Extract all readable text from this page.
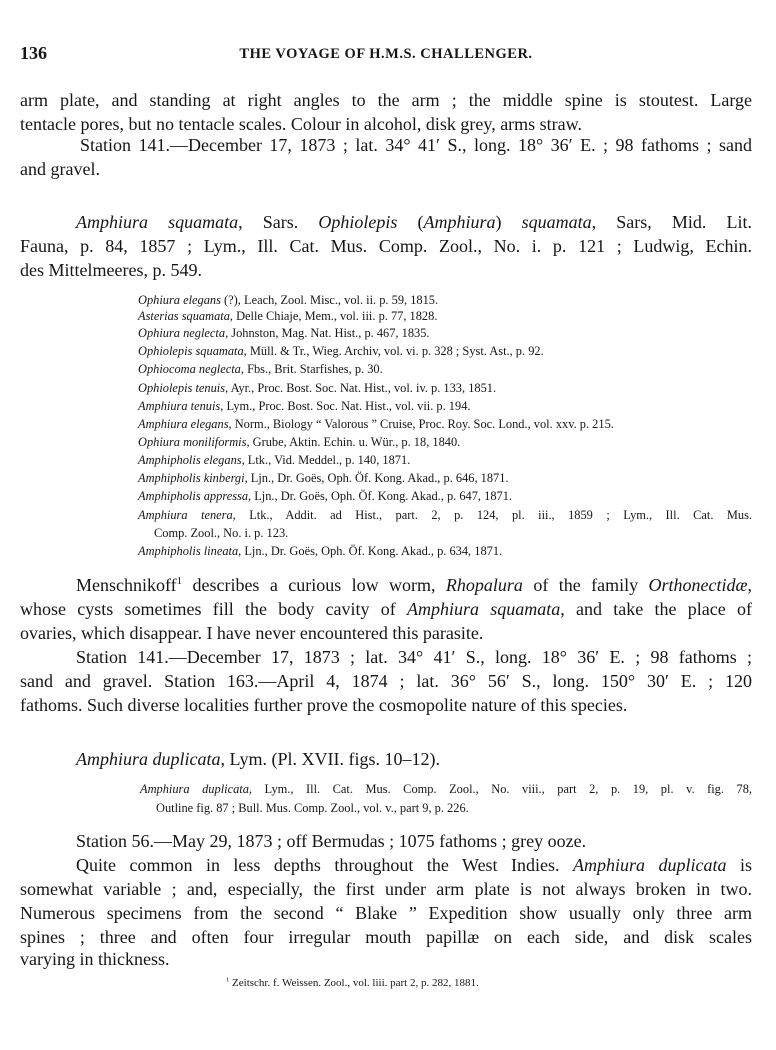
136	THE VOYAGE OF H.M.S. CHALLENGER.
arm plate, and standing at right angles to the arm ; the middle spine is stoutest. Large
tentacle pores, but no tentacle scales. Colour in alcohol, disk grey, arms straw.
Station 141.—December 17, 1873 ; lat. 34° 41′ S., long. 18° 36′ E. ; 98 fathoms ; sand
and gravel.
Amphiura squamata, Sars. Ophiolepis (Amphiura) squamata, Sars, Mid. Lit.
Fauna, p. 84, 1857 ; Lym., Ill. Cat. Mus. Comp. Zool., No. i. p. 121 ; Ludwig, Echin.
des Mittelmeeres, p. 549.
Ophiura elegans (?), Leach, Zool. Misc., vol. ii. p. 59, 1815.
Asterias squamata, Delle Chiaje, Mem., vol. iii. p. 77, 1828.
Ophiura neglecta, Johnston, Mag. Nat. Hist., p. 467, 1835.
Ophiolepis squamata, Müll. & Tr., Wieg. Archiv, vol. vi. p. 328 ; Syst. Ast., p. 92.
Ophiocoma neglecta, Fbs., Brit. Starfishes, p. 30.
Ophiolepis tenuis, Ayr., Proc. Bost. Soc. Nat. Hist., vol. iv. p. 133, 1851.
Amphiura tenuis, Lym., Proc. Bost. Soc. Nat. Hist., vol. vii. p. 194.
Amphiura elegans, Norm., Biology “ Valorous ” Cruise, Proc. Roy. Soc. Lond., vol. xxv. p. 215.
Ophiura moniliformis, Grube, Aktin. Echin. u. Wür., p. 18, 1840.
Amphipholis elegans, Ltk., Vid. Meddel., p. 140, 1871.
Amphipholis kinbergi, Ljn., Dr. Goës, Oph. Öf. Kong. Akad., p. 646, 1871.
Amphipholis appressa, Ljn., Dr. Goës, Oph. Öf. Kong. Akad., p. 647, 1871.
Amphiura tenera, Ltk., Addit. ad Hist., part. 2, p. 124, pl. iii., 1859 ; Lym., Ill. Cat. Mus.
Comp. Zool., No. i. p. 123.
Amphipholis lineata, Ljn., Dr. Goës, Oph. Öf. Kong. Akad., p. 634, 1871.
Menschnikoff$^1$ describes a curious low worm, Rhopalura of the family Orthonectidæ,
whose cysts sometimes fill the body cavity of Amphiura squamata, and take the place of
ovaries, which disappear. I have never encountered this parasite.
Station 141.—December 17, 1873 ; lat. 34° 41′ S., long. 18° 36′ E. ; 98 fathoms ;
sand and gravel. Station 163.—April 4, 1874 ; lat. 36° 56′ S., long. 150° 30′ E. ; 120
fathoms. Such diverse localities further prove the cosmopolite nature of this species.
Amphiura duplicata, Lym. (Pl. XVII. figs. 10–12).
Amphiura duplicata, Lym., Ill. Cat. Mus. Comp. Zool., No. viii., part 2, p. 19, pl. v. fig. 78,
Outline fig. 87 ; Bull. Mus. Comp. Zool., vol. v., part 9, p. 226.
Station 56.—May 29, 1873 ; off Bermudas ; 1075 fathoms ; grey ooze.
Quite common in less depths throughout the West Indies. Amphiura duplicata is
somewhat variable ; and, especially, the first under arm plate is not always broken in two.
Numerous specimens from the second “ Blake ” Expedition show usually only three arm
spines ; three and often four irregular mouth papillæ on each side, and disk scales
varying in thickness.
$^1$ Zeitschr. f. Weissen. Zool., vol. liii. part 2, p. 282, 1881.
